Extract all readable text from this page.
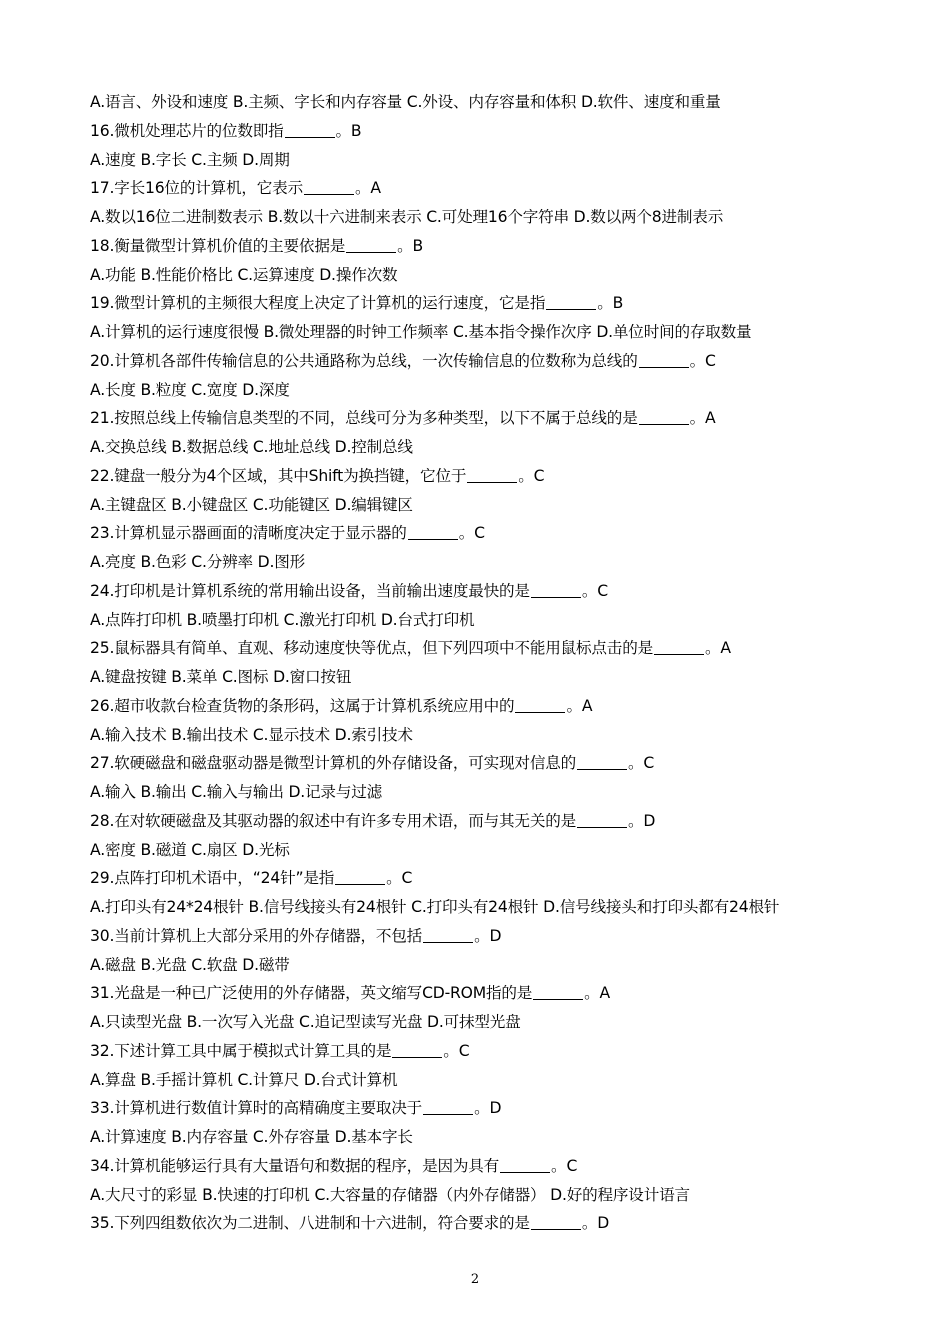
A.语言、外设和速度 B.主频、字长和内存容量 C.外设、内存容量和体积 D.软件、速度和重量
16.微机处理芯片的位数即指	。B
A.速度 B.字长 C.主频 D.周期
17.字长16位的计算机，它表示	。A
A.数以16位二进制数表示 B.数以十六进制来表示 C.可处理16个字符串 D.数以两个8进制表示
18.衡量微型计算机价值的主要依据是	。B
A.功能 B.性能价格比 C.运算速度 D.操作次数
19.微型计算机的主频很大程度上决定了计算机的运行速度，它是指	。B
A.计算机的运行速度很慢 B.微处理器的时钟工作频率 C.基本指令操作次序 D.单位时间的存取数量
20.计算机各部件传输信息的公共通路称为总线，一次传输信息的位数称为总线的	。C
A.长度 B.粒度 C.宽度 D.深度
21.按照总线上传输信息类型的不同，总线可分为多种类型，以下不属于总线的是	。A
A.交换总线 B.数据总线 C.地址总线 D.控制总线
22.键盘一般分为4个区域，其中Shift为换挡键，它位于	。C
A.主键盘区 B.小键盘区 C.功能键区 D.编辑键区
23.计算机显示器画面的清晰度决定于显示器的	。C
A.亮度 B.色彩 C.分辨率 D.图形
24.打印机是计算机系统的常用输出设备，当前输出速度最快的是	。C
A.点阵打印机 B.喷墨打印机 C.激光打印机 D.台式打印机
25.鼠标器具有简单、直观、移动速度快等优点，但下列四项中不能用鼠标点击的是	。A
A.键盘按键 B.菜单 C.图标 D.窗口按钮
26.超市收款台检查货物的条形码，这属于计算机系统应用中的	。A
A.输入技术 B.输出技术 C.显示技术 D.索引技术
27.软硬磁盘和磁盘驱动器是微型计算机的外存储设备，可实现对信息的	。C
A.输入 B.输出 C.输入与输出 D.记录与过滤
28.在对软硬磁盘及其驱动器的叙述中有许多专用术语，而与其无关的是	。D
A.密度 B.磁道 C.扇区 D.光标
29.点阵打印机术语中，“24针”是指	。C
A.打印头有24*24根针 B.信号线接头有24根针 C.打印头有24根针 D.信号线接头和打印头都有24根针
30.当前计算机上大部分采用的外存储器，不包括	。D
A.磁盘 B.光盘 C.软盘 D.磁带
31.光盘是一种已广泛使用的外存储器，英文缩写CD-ROM指的是	。A
A.只读型光盘 B.一次写入光盘 C.追记型读写光盘 D.可抹型光盘
32.下述计算工具中属于模拟式计算工具的是	。C
A.算盘 B.手摇计算机 C.计算尺 D.台式计算机
33.计算机进行数值计算时的高精确度主要取决于	。D
A.计算速度 B.内存容量 C.外存容量 D.基本字长
34.计算机能够运行具有大量语句和数据的程序，是因为具有	。C
A.大尺寸的彩显 B.快速的打印机 C.大容量的存储器（内外存储器） D.好的程序设计语言
35.下列四组数依次为二进制、八进制和十六进制，符合要求的是	。D
2
